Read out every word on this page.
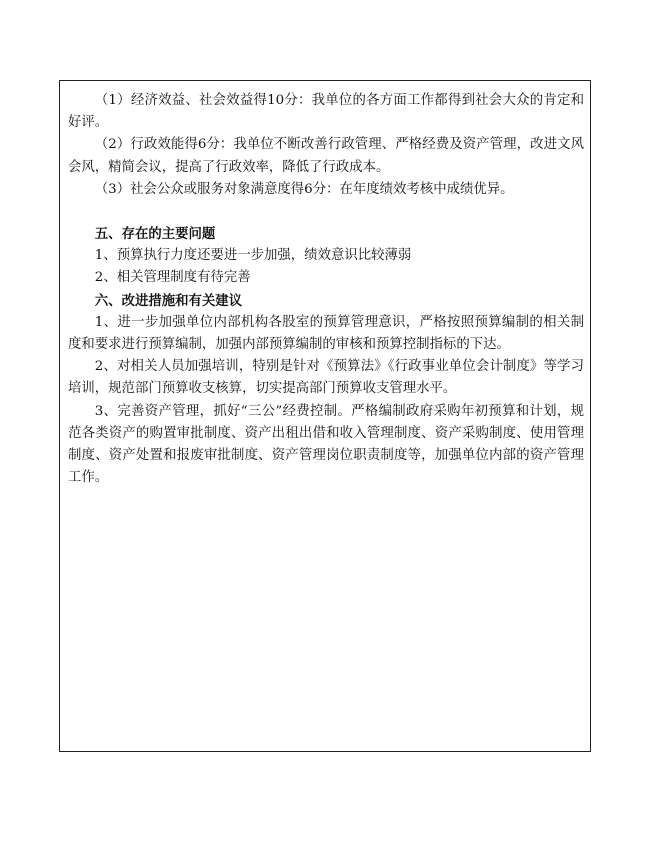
（1）经济效益、社会效益得10分：我单位的各方面工作都得到社会大众的肯定和好评。

（2）行政效能得6分：我单位不断改善行政管理、严格经费及资产管理，改进文风会风，精简会议，提高了行政效率，降低了行政成本。

（3）社会公众或服务对象满意度得6分：在年度绩效考核中成绩优异。

五、存在的主要问题

1、预算执行力度还要进一步加强，绩效意识比较薄弱

2、相关管理制度有待完善

六、改进措施和有关建议

1、进一步加强单位内部机构各股室的预算管理意识，严格按照预算编制的相关制度和要求进行预算编制，加强内部预算编制的审核和预算控制指标的下达。

2、对相关人员加强培训，特别是针对《预算法》《行政事业单位会计制度》等学习培训，规范部门预算收支核算，切实提高部门预算收支管理水平。

3、完善资产管理，抓好“三公”经费控制。严格编制政府采购年初预算和计划，规范各类资产的购置审批制度、资产出租出借和收入管理制度、资产采购制度、使用管理制度、资产处置和报废审批制度、资产管理岗位职责制度等，加强单位内部的资产管理工作。
